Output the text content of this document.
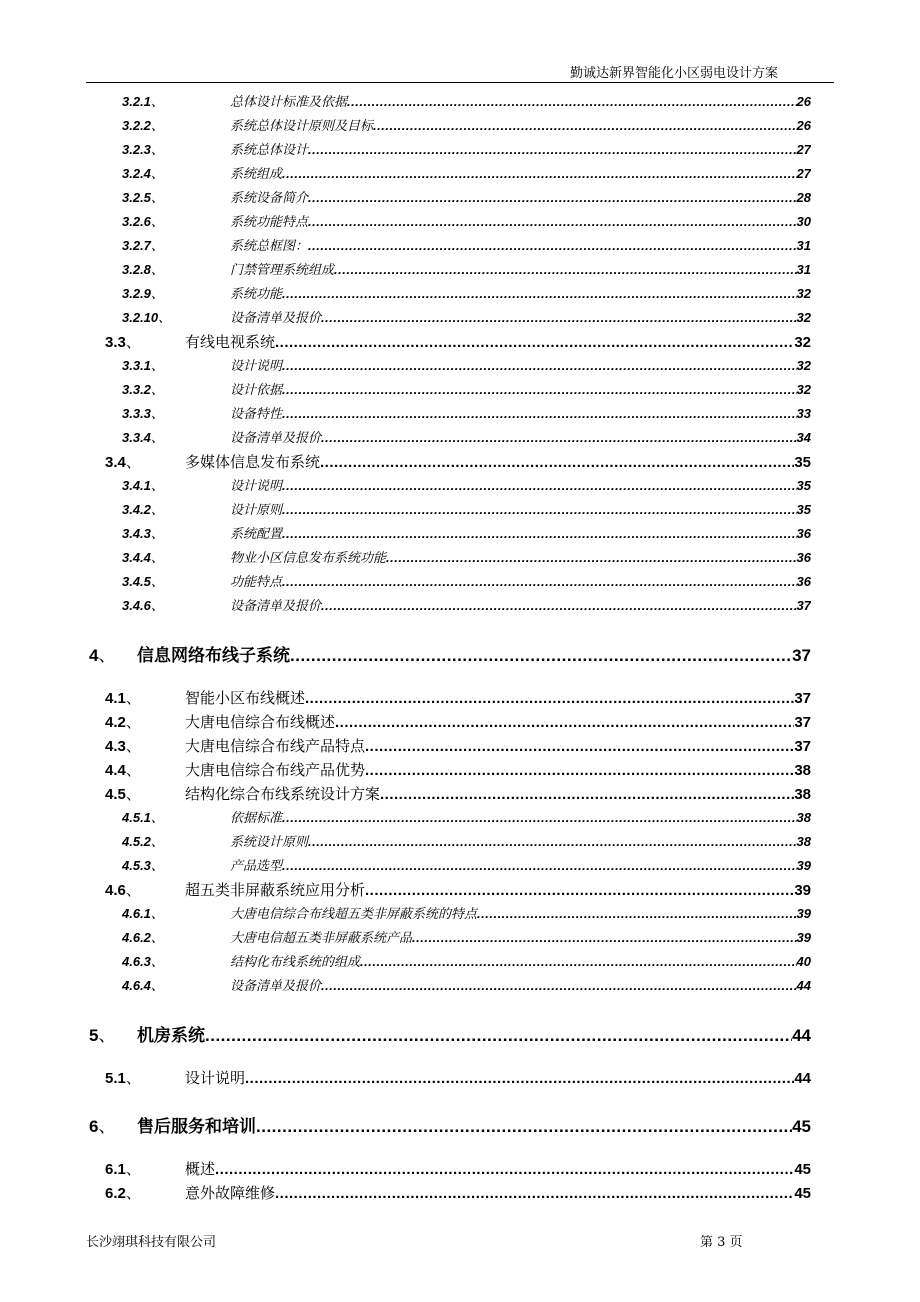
勤诚达新界智能化小区弱电设计方案
3.2.1、	总体设计标准及依据 .....	26
3.2.2、	系统总体设计原则及目标 .....	26
3.2.3、	系统总体设计 .....	27
3.2.4、	系统组成 .....	27
3.2.5、	系统设备简介 .....	28
3.2.6、	系统功能特点 .....	30
3.2.7、	系统总框图： .....	31
3.2.8、	门禁管理系统组成 .....	31
3.2.9、	系统功能 .....	32
3.2.10、	设备清单及报价 .....	32
3.3、	有线电视系统 .....	32
3.3.1、	设计说明 .....	32
3.3.2、	设计依据 .....	32
3.3.3、	设备特性 .....	33
3.3.4、	设备清单及报价 .....	34
3.4、	多媒体信息发布系统 .....	35
3.4.1、	设计说明 .....	35
3.4.2、	设计原则 .....	35
3.4.3、	系统配置 .....	36
3.4.4、	物业小区信息发布系统功能 .....	36
3.4.5、	功能特点 .....	36
3.4.6、	设备清单及报价 .....	37
4、 信息网络布线子系统 .....	37
4.1、	智能小区布线概述 .....	37
4.2、	大唐电信综合布线概述 .....	37
4.3、	大唐电信综合布线产品特点 .....	37
4.4、	大唐电信综合布线产品优势 .....	38
4.5、	结构化综合布线系统设计方案 .....	38
4.5.1、	依据标准 .....	38
4.5.2、	系统设计原则 .....	38
4.5.3、	产品选型 .....	39
4.6、	超五类非屏蔽系统应用分析 .....	39
4.6.1、	大唐电信综合布线超五类非屏蔽系统的特点 .....	39
4.6.2、	大唐电信超五类非屏蔽系统产品 .....	39
4.6.3、	结构化布线系统的组成 .....	40
4.6.4、	设备清单及报价 .....	44
5、 机房系统 .....	44
5.1、	设计说明 .....	44
6、 售后服务和培训 .....	45
6.1、	概述 .....	45
6.2、	意外故障维修 .....	45
长沙翊琪科技有限公司	第 3 页
